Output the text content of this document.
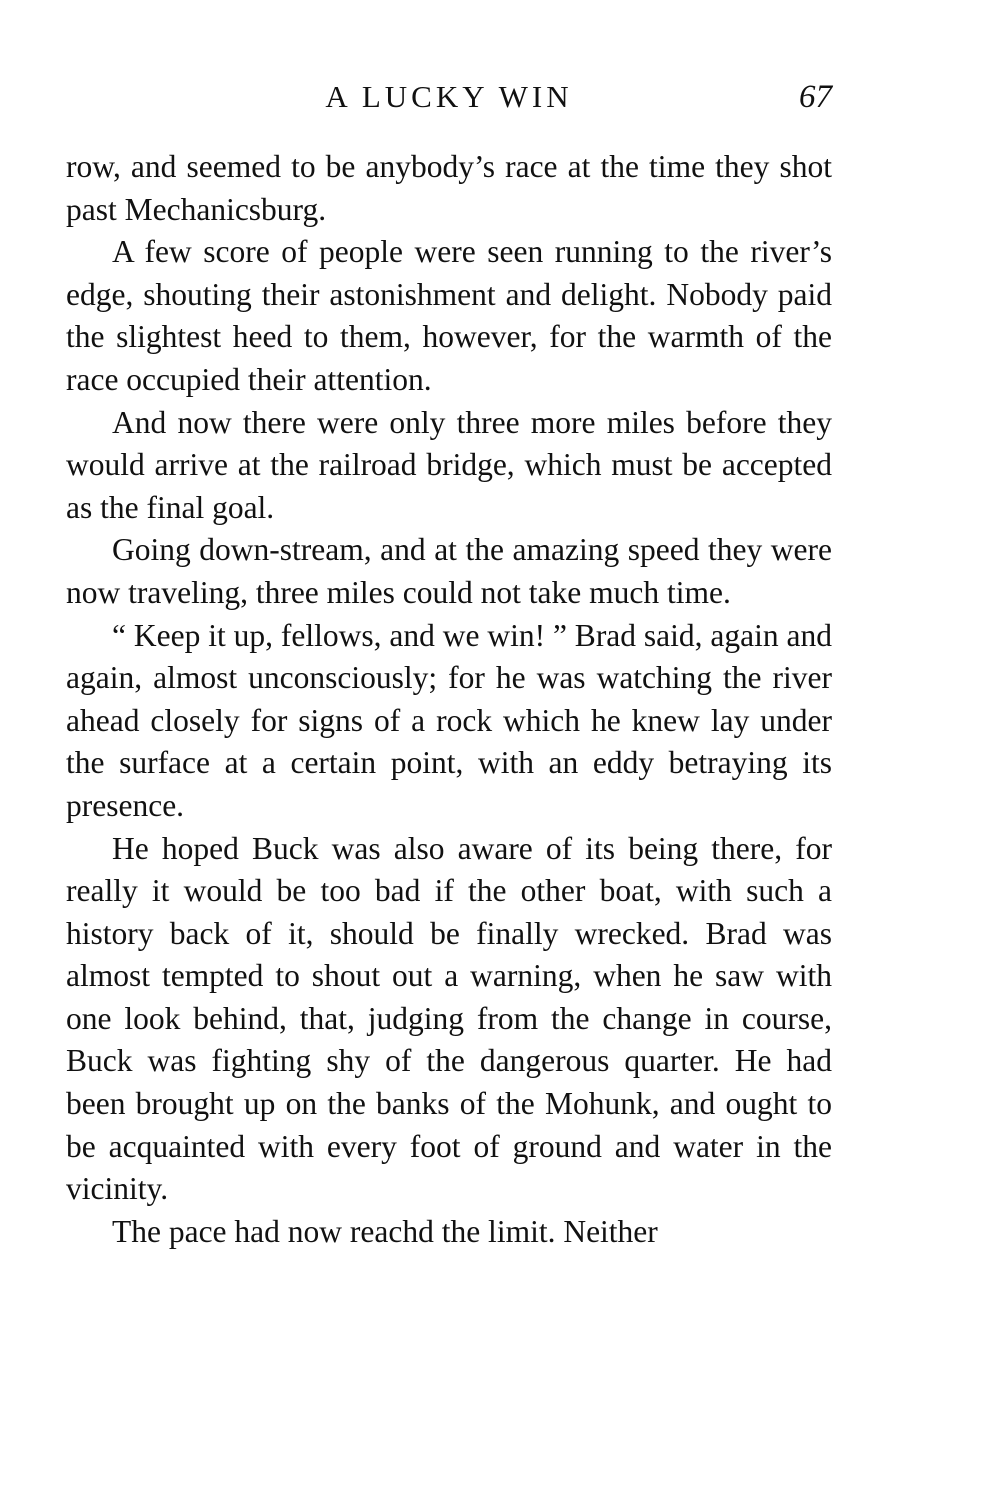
A LUCKY WIN	67

row, and seemed to be anybody’s race at the time they shot past Mechanicsburg.

A few score of people were seen running to the river’s edge, shouting their astonishment and delight. Nobody paid the slightest heed to them, however, for the warmth of the race occupied their attention.

And now there were only three more miles before they would arrive at the railroad bridge, which must be accepted as the final goal.

Going down-stream, and at the amazing speed they were now traveling, three miles could not take much time.

“ Keep it up, fellows, and we win! ” Brad said, again and again, almost unconsciously; for he was watching the river ahead closely for signs of a rock which he knew lay under the surface at a certain point, with an eddy betraying its presence.

He hoped Buck was also aware of its being there, for really it would be too bad if the other boat, with such a history back of it, should be finally wrecked. Brad was almost tempted to shout out a warning, when he saw with one look behind, that, judging from the change in course, Buck was fighting shy of the dangerous quarter. He had been brought up on the banks of the Mohunk, and ought to be acquainted with every foot of ground and water in the vicinity.

The pace had now reachd the limit. Neither
